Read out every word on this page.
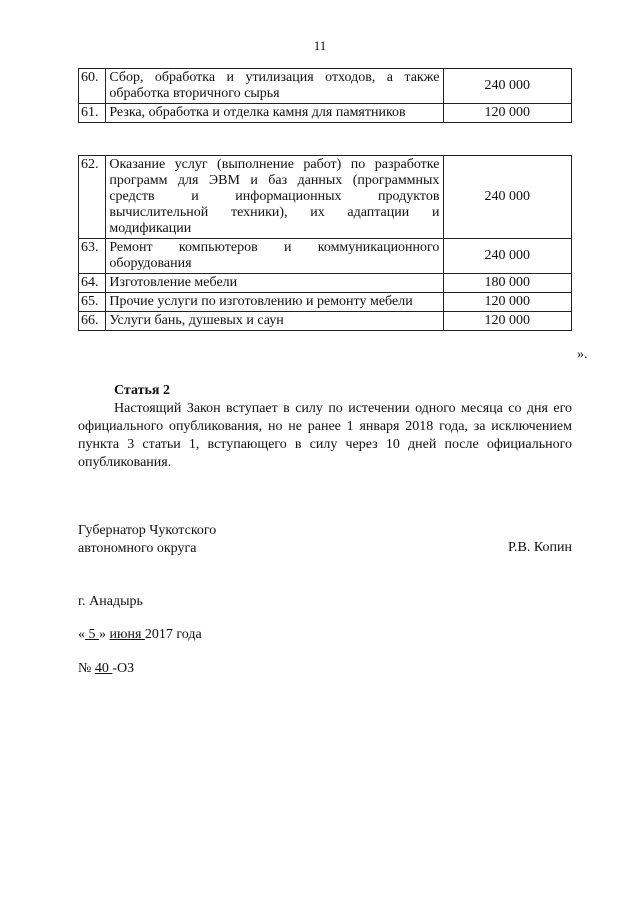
11
60.	Сбор, обработка и утилизация отходов, а также обработка вторичного сырья	240 000
61.	Резка, обработка и отделка камня для памятников	120 000
62.	Оказание услуг (выполнение работ) по разработке программ для ЭВМ и баз данных (программных средств и информационных продуктов вычислительной техники), их адаптации и модификации	240 000
63.	Ремонт компьютеров и коммуникационного оборудования	240 000
64.	Изготовление мебели	180 000
65.	Прочие услуги по изготовлению и ремонту мебели	120 000
66.	Услуги бань, душевых и саун	120 000
».
Статья 2
Настоящий Закон вступает в силу по истечении одного месяца со дня его официального опубликования, но не ранее 1 января 2018 года, за исключением пункта 3 статьи 1, вступающего в силу через 10 дней после официального опубликования.
Губернатор Чукотского
автономного округа	Р.В. Копин
г. Анадырь
« 5 » июня 2017 года
№ 40 -ОЗ
